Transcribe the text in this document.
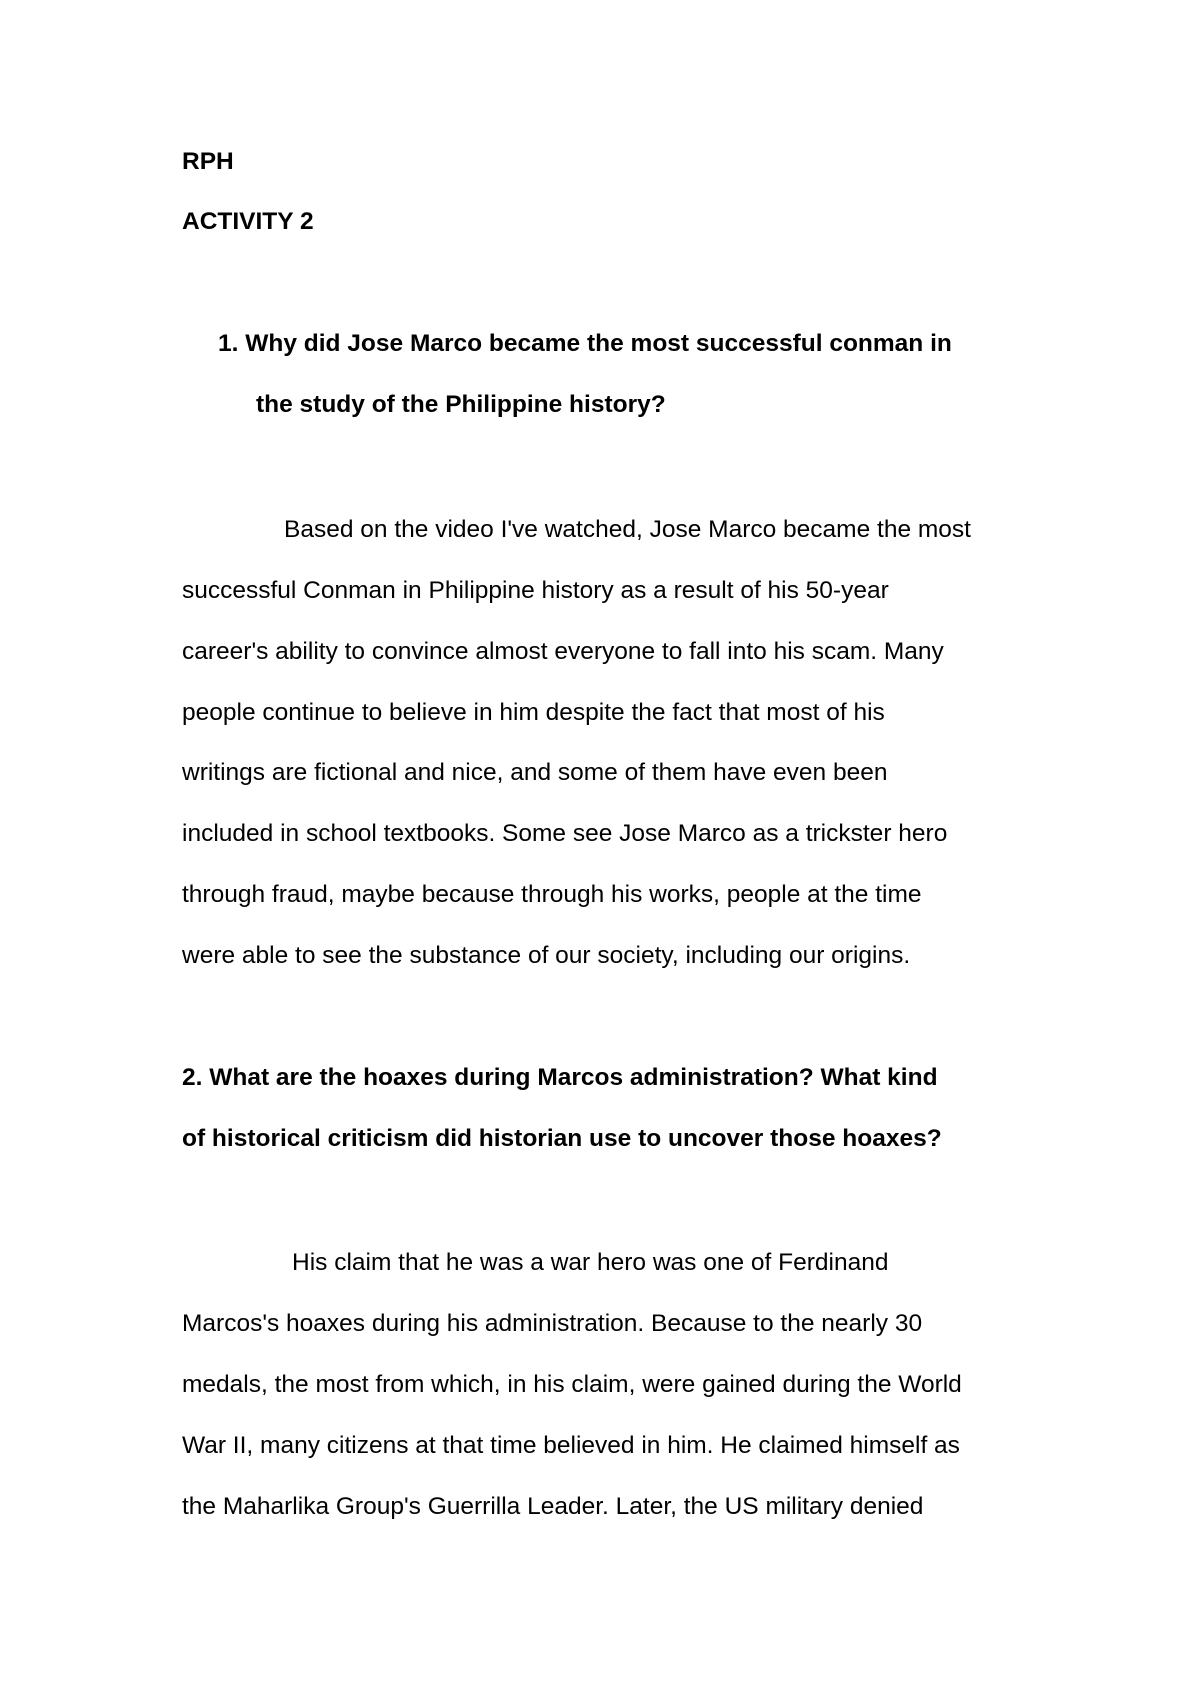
RPH

ACTIVITY 2

1. Why did Jose Marco became the most successful conman in

the study of the Philippine history?

Based on the video I've watched, Jose Marco became the most

successful Conman in Philippine history as a result of his 50-year

career's ability to convince almost everyone to fall into his scam. Many

people continue to believe in him despite the fact that most of his

writings are fictional and nice, and some of them have even been

included in school textbooks. Some see Jose Marco as a trickster hero

through fraud, maybe because through his works, people at the time

were able to see the substance of our society, including our origins.

2. What are the hoaxes during Marcos administration? What kind

of historical criticism did historian use to uncover those hoaxes?

His claim that he was a war hero was one of Ferdinand

Marcos's hoaxes during his administration. Because to the nearly 30

medals, the most from which, in his claim, were gained during the World

War II, many citizens at that time believed in him. He claimed himself as

the Maharlika Group's Guerrilla Leader. Later, the US military denied
